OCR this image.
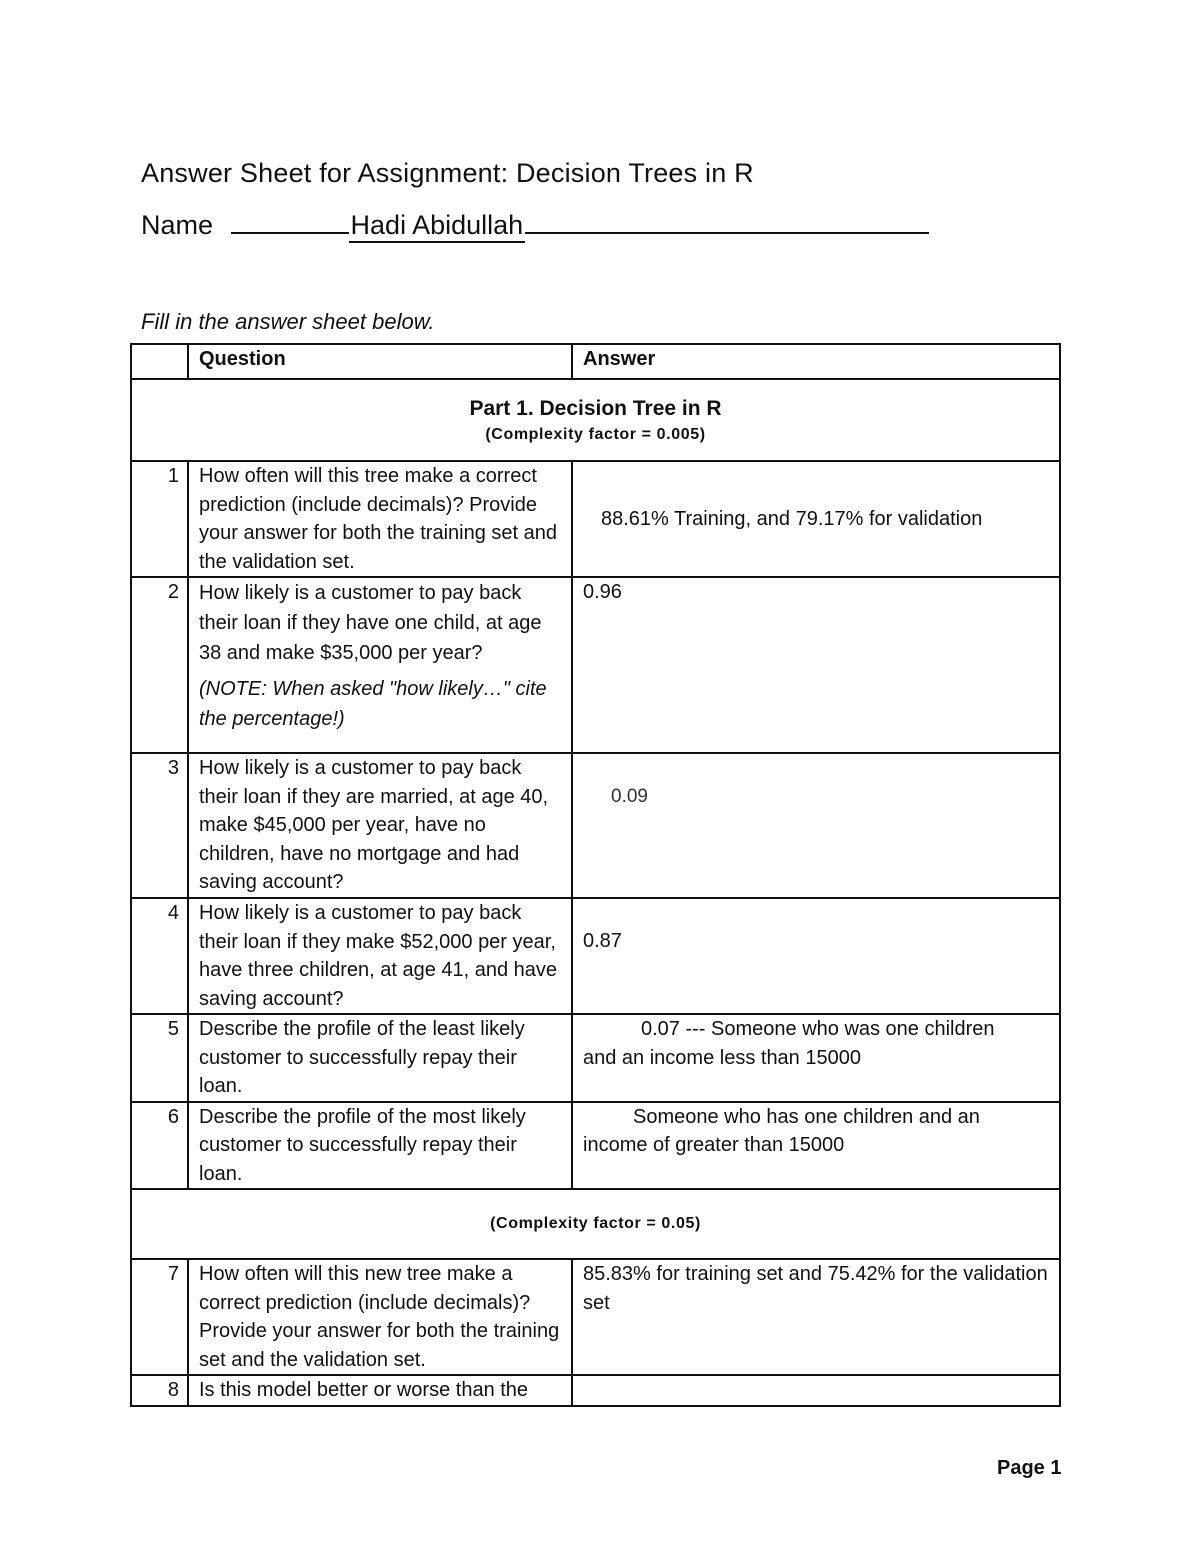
Answer Sheet for Assignment: Decision Trees in R
Name	Hadi Abidullah
Fill in the answer sheet below.
	Question	Answer

Part 1. Decision Tree in R
(Complexity factor = 0.005)		

1	How often will this tree make a correct prediction (include decimals)? Provide your answer for both the training set and the validation set.	88.61% Training, and 79.17% for validation
2	How likely is a customer to pay back their loan if they have one child, at age 38 and make $35,000 per year?
(NOTE: When asked "how likely…" cite the percentage!)	0.96
3	How likely is a customer to pay back their loan if they are married, at age 40, make $45,000 per year, have no children, have no mortgage and had saving account?	0.09
4	How likely is a customer to pay back their loan if they make $52,000 per year, have three children, at age 41, and have saving account?	0.87
5	Describe the profile of the least likely customer to successfully repay their loan.	0.07 --- Someone who was one children
and an income less than 15000

6	Describe the profile of the most likely customer to successfully repay their loan.	Someone who has one children and an
income of greater than 15000

(Complexity factor = 0.05)		

7	How often will this new tree make a correct prediction (include decimals)? Provide your answer for both the training set and the validation set.	85.83% for training set and 75.42% for the validation set
8	Is this model better or worse than the	
Page 1
